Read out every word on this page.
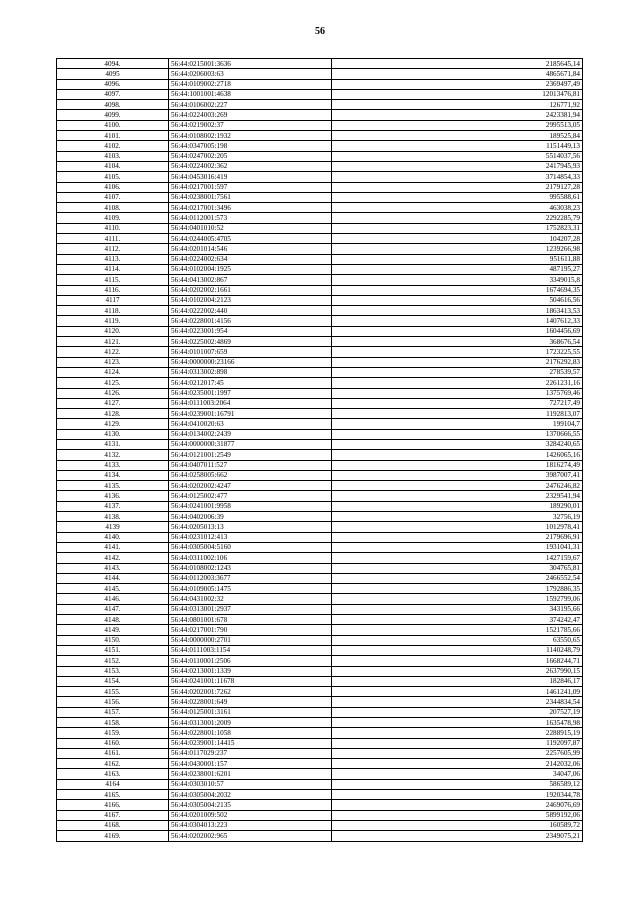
56
4094.	56:44:0215001:3636	2185645,14
4095	56:44:0206003:63	4865671,84
4096.	56:44:0109002:2718	2369497,49
4097.	56:44:1001001:4638	12013476,81
4098.	56:44:0106002:227	126771,92
4099.	56:44:0224003:269	2423381,94
4100.	56:44:0219002:37	2995513,05
4101.	56:44:0108002:1932	189525,84
4102.	56:44:0347005:198	1151449,13
4103.	56:44:0247002:205	5514037,56
4104.	56:44:0224002:362	2417945,93
4105.	56:44:0453016:419	3714854,33
4106.	56:44:0217001:597	2179127,28
4107.	56:44:0238001:7561	995588,61
4108.	56:44:0217001:3496	463038,23
4109.	56:44:0112001:573	2292285,79
4110.	56:44:0401010:52	1752823,31
4111.	56:44:0244005:4705	104207,28
4112.	56:44:0201014:546	1239266,98
4113.	56:44:0224002:634	951611,88
4114.	56:44:0102004:1925	487195,27
4115.	56:44:0413002:867	3349015,8
4116.	56:44:0202002:1661	1674694,35
4117	56:44:0102004:2123	504616,56
4118.	56:44:0222002:440	1863413,53
4119.	56:44:0228001:4156	1407612,33
4120.	56:44:0223001:954	1604456,69
4121.	56:44:0225002:4869	368676,54
4122.	56:44:0101007:659	1723225,55
4123.	56:44:0000000:23166	2176292,83
4124.	56:44:0313002:898	278539,57
4125.	56:44:0212017:45	2261231,16
4126.	56:44:0235001:1997	1375769,46
4127.	56:44:0111003:2064	727217,49
4128.	56:44:0239001:16791	1192813,07
4129.	56:44:0410020:63	199104,7
4130.	56:44:0134002:2439	1370666,55
4131.	56:44:0000000:31877	3284240,65
4132.	56:44:0121001:2549	1426065,16
4133.	56:44:0407011:527	1816274,49
4134.	56:44:0258005:662	3987007,41
4135.	56:44:0202002:4247	2476246,82
4136.	56:44:0125002:477	2329541,94
4137.	56:44:0241001:9958	189290,01
4138.	56:44:0402006:39	32756,19
4139	56:44:0205013:13	1012978,41
4140.	56:44:0231012:413	2179696,91
4141.	56:44:0305004:5160	1931041,31
4142.	56:44:0311002:106	1427159,67
4143.	56:44:0108002:1243	304765,81
4144.	56:44:0112003:3677	2466552,54
4145.	56:44:0109005:1475	1792886,35
4146.	56:44:0431002:32	1592799,06
4147.	56:44:0313001:2937	343195,66
4148.	56:44:0801001:678	374242,47
4149.	56:44:0217001:790	1521785,66
4150.	56:44:0000000:2701	63550,65
4151.	56:44:0111003:1154	1140248,79
4152.	56:44:0110001:2506	1668244,71
4153.	56:44:0213001:1339	2637990,15
4154.	56:44:0241001:11678	182846,17
4155.	56:44:0202001:7262	1461241,09
4156.	56:44:0228001:649	2344834,54
4157.	56:44:0125001:3161	207527,19
4158.	56:44:0313001:2009	1635478,98
4159.	56:44:0228001:1058	2288915,19
4160.	56:44:0239001:14415	1192097,87
4161.	56:44:0117029:237	2257605,99
4162.	56:44:0430001:157	2142032,06
4163.	56:44:0238001:6201	34047,06
4164	56:44:0303010:57	586589,12
4165.	56:44:0305004:2032	1920344,78
4166.	56:44:0305004:2135	2469076,69
4167.	56:44:0201009:502	5899192,06
4168.	56:44:0304013:223	160589,72
4169.	56:44:0202002:965	2349075,21
